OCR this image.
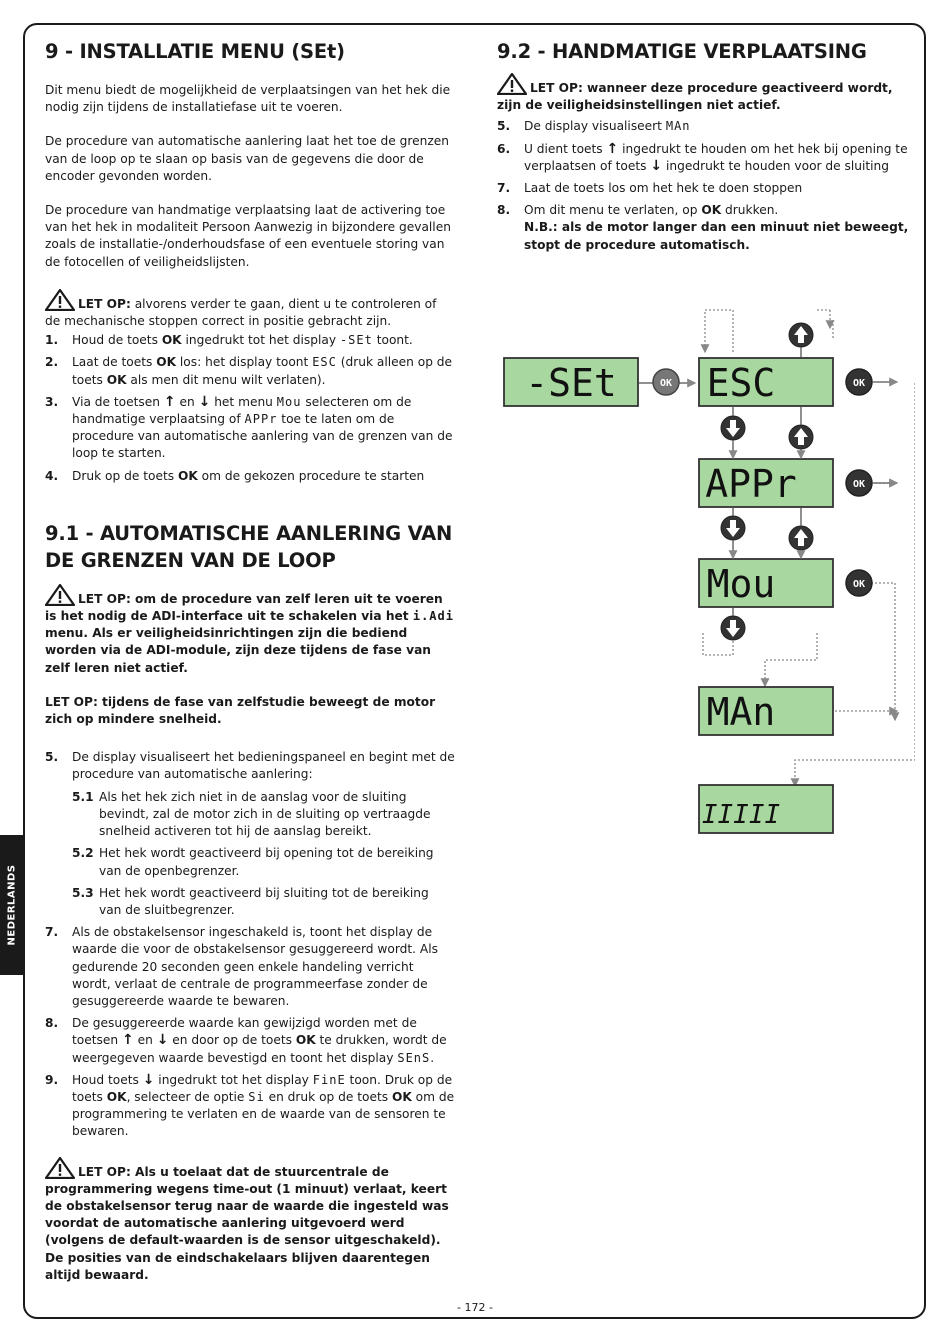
NEDERLANDS
9 - INSTALLATIE MENU (SEt)

Dit menu biedt de mogelijkheid de verplaatsingen van het hek die nodig zijn tijdens de installatiefase uit te voeren.

De procedure van automatische aanlering laat het toe de grenzen van de loop op te slaan op basis van de gegevens die door de encoder gevonden worden.

De procedure van handmatige verplaatsing laat de activering toe van het hek in modaliteit Persoon Aanwezig in bijzondere gevallen zoals de installatie-/onderhoudsfase of een eventuele storing van de fotocellen of veiligheidslijsten.

LET OP: alvorens verder te gaan, dient u te controleren of de mechanische stoppen correct in positie gebracht zijn.

1. Houd de toets OK ingedrukt tot het display -SEt toont.
2. Laat de toets OK los: het display toont ESC (druk alleen op de toets OK als men dit menu wilt verlaten).
3. Via de toetsen ↑ en ↓ het menu Mou selecteren om de handmatige verplaatsing of APPr toe te laten om de procedure van automatische aanlering van de grenzen van de loop te starten.
4. Druk op de toets OK om de gekozen procedure te starten
9.1 - AUTOMATISCHE AANLERING VAN DE GRENZEN VAN DE LOOP

LET OP: om de procedure van zelf leren uit te voeren is het nodig de ADI-interface uit te schakelen via het i.Adi menu. Als er veiligheidsinrichtingen zijn die bediend worden via de ADI-module, zijn deze tijdens de fase van zelf leren niet actief.

LET OP: tijdens de fase van zelfstudie beweegt de motor zich op mindere snelheid.

5. De display visualiseert het bedieningspaneel en begint met de procedure van automatische aanlering:
5.1 Als het hek zich niet in de aanslag voor de sluiting bevindt, zal de motor zich in de sluiting op vertraagde snelheid activeren tot hij de aanslag bereikt.
5.2 Het hek wordt geactiveerd bij opening tot de bereiking van de openbegrenzer.
5.3 Het hek wordt geactiveerd bij sluiting tot de bereiking van de sluitbegrenzer.
7. Als de obstakelsensor ingeschakeld is, toont het display de waarde die voor de obstakelsensor gesuggereerd wordt. Als gedurende 20 seconden geen enkele handeling verricht wordt, verlaat de centrale de programmeerfase zonder de gesuggereerde waarde te bewaren.
8. De gesuggereerde waarde kan gewijzigd worden met de toetsen ↑ en ↓ en door op de toets OK te drukken, wordt de weergegeven waarde bevestigd en toont het display SEnS.
9. Houd toets ↓ ingedrukt tot het display FinE toon. Druk op de toets OK, selecteer de optie Si en druk op de toets OK om de programmering te verlaten en de waarde van de sensoren te bewaren.

LET OP: Als u toelaat dat de stuurcentrale de programmering wegens time-out (1 minuut) verlaat, keert de obstakelsensor terug naar de waarde die ingesteld was voordat de automatische aanlering uitgevoerd werd (volgens de default-waarden is de sensor uitgeschakeld). De posities van de eindschakelaars blijven daarentegen altijd bewaard.

9.2 - HANDMATIGE VERPLAATSING

LET OP: wanneer deze procedure geactiveerd wordt, zijn de veiligheidsinstellingen niet actief.

5. De display visualiseert MAn
6. U dient toets ↑ ingedrukt te houden om het hek bij opening te verplaatsen of toets ↓ ingedrukt te houden voor de sluiting
7. Laat de toets los om het hek te doen stoppen
8. Om dit menu te verlaten, op OK drukken.
N.B.: als de motor langer dan een minuut niet beweegt, stopt de procedure automatisch.
-SEt ESC
APPr
Mou
MAn
IIIII
OK	OK
OK
OK
- 172 -
